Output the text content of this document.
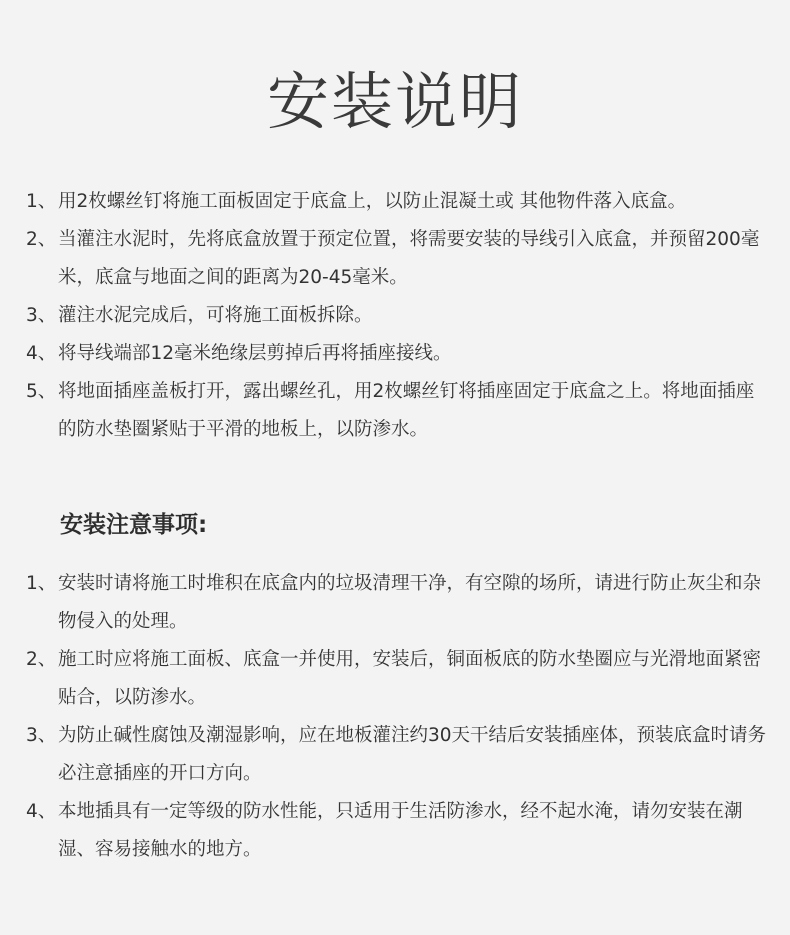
安装说明
1、 用2枚螺丝钉将施工面板固定于底盒上，以防止混凝土或 其他物件落入底盒。
2、 当灌注水泥时，先将底盒放置于预定位置，将需要安装的导线引入底盒，并预留200毫米，底盒与地面之间的距离为20-45毫米。
3、 灌注水泥完成后，可将施工面板拆除。
4、 将导线端部12毫米绝缘层剪掉后再将插座接线。
5、 将地面插座盖板打开，露出螺丝孔，用2枚螺丝钉将插座固定于底盒之上。将地面插座的防水垫圈紧贴于平滑的地板上，以防渗水。
安装注意事项:
1、 安装时请将施工时堆积在底盒内的垃圾清理干净，有空隙的场所，请进行防止灰尘和杂物侵入的处理。
2、 施工时应将施工面板、底盒一并使用，安装后，铜面板底的防水垫圈应与光滑地面紧密贴合，以防渗水。
3、 为防止碱性腐蚀及潮湿影响，应在地板灌注约30天干结后安装插座体，预装底盒时请务必注意插座的开口方向。
4、 本地插具有一定等级的防水性能，只适用于生活防渗水，经不起水淹，请勿安装在潮湿、容易接触水的地方。
